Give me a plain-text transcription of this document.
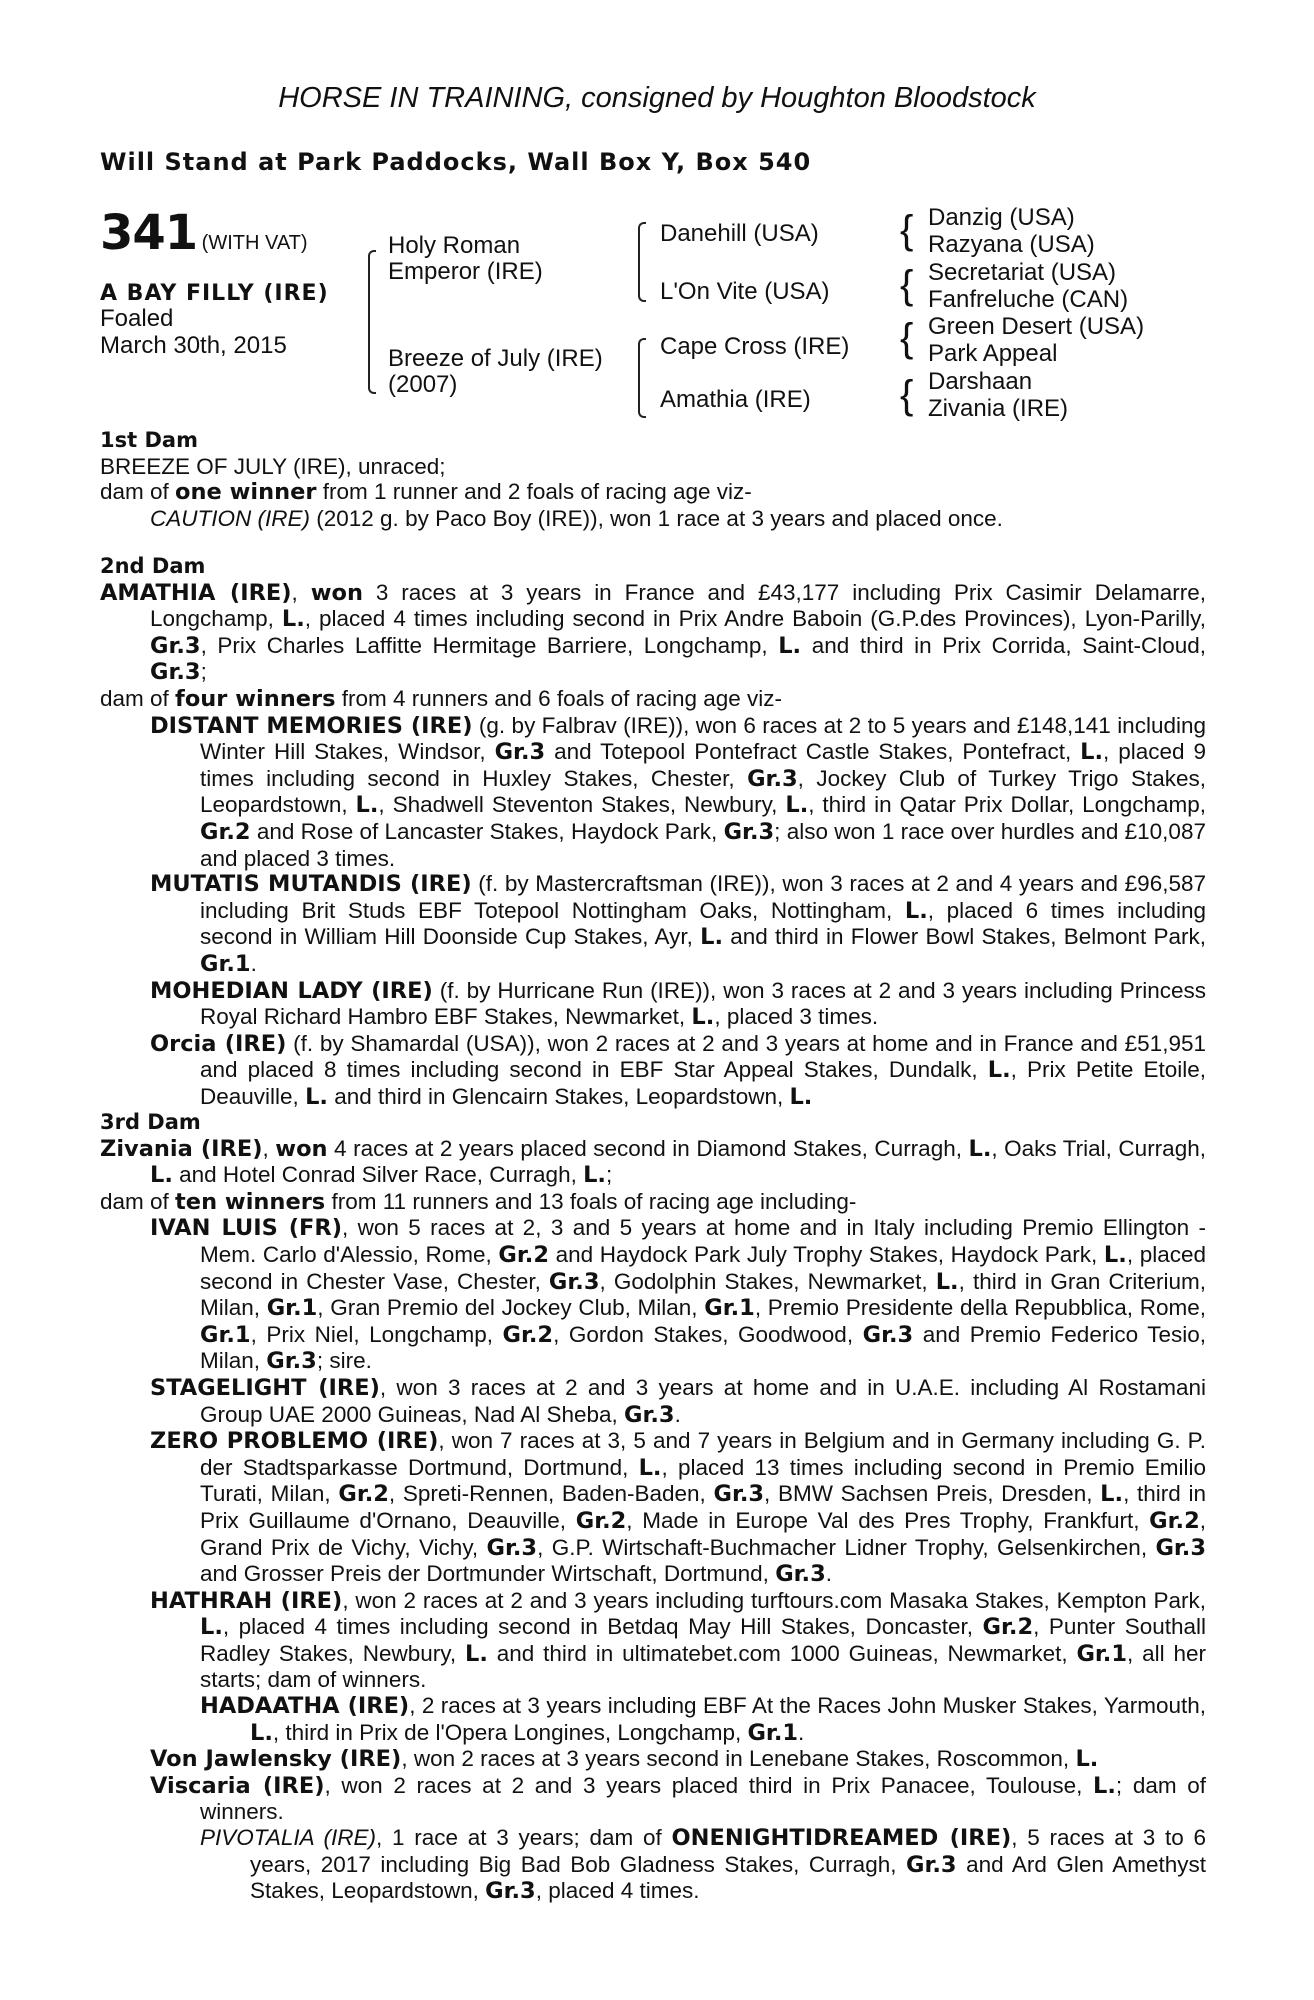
HORSE IN TRAINING, consigned by Houghton Bloodstock
Will Stand at Park Paddocks, Wall Box Y, Box 540
341 (WITH VAT)
A BAY FILLY (IRE)
Foaled
March 30th, 2015
Holy Roman Emperor (IRE)
Breeze of July (IRE) (2007)
Danehill (USA)
L'On Vite (USA)
Cape Cross (IRE)
Amathia (IRE)
{ Danzig (USA)
Razyana (USA)
{ Secretariat (USA)
Fanfreluche (CAN)
{ Green Desert (USA)
Park Appeal
{ Darshaan
Zivania (IRE)
1st Dam

BREEZE OF JULY (IRE), unraced;

dam of one winner from 1 runner and 2 foals of racing age viz-

CAUTION (IRE) (2012 g. by Paco Boy (IRE)), won 1 race at 3 years and placed once.

2nd Dam

AMATHIA (IRE), won 3 races at 3 years in France and £43,177 including Prix Casimir Delamarre, Longchamp, L., placed 4 times including second in Prix Andre Baboin (G.P.des Provinces), Lyon-Parilly, Gr.3, Prix Charles Laffitte Hermitage Barriere, Longchamp, L. and third in Prix Corrida, Saint-Cloud, Gr.3;

dam of four winners from 4 runners and 6 foals of racing age viz-

DISTANT MEMORIES (IRE) (g. by Falbrav (IRE)), won 6 races at 2 to 5 years and £148,141 including Winter Hill Stakes, Windsor, Gr.3 and Totepool Pontefract Castle Stakes, Pontefract, L., placed 9 times including second in Huxley Stakes, Chester, Gr.3, Jockey Club of Turkey Trigo Stakes, Leopardstown, L., Shadwell Steventon Stakes, Newbury, L., third in Qatar Prix Dollar, Longchamp, Gr.2 and Rose of Lancaster Stakes, Haydock Park, Gr.3; also won 1 race over hurdles and £10,087 and placed 3 times.

MUTATIS MUTANDIS (IRE) (f. by Mastercraftsman (IRE)), won 3 races at 2 and 4 years and £96,587 including Brit Studs EBF Totepool Nottingham Oaks, Nottingham, L., placed 6 times including second in William Hill Doonside Cup Stakes, Ayr, L. and third in Flower Bowl Stakes, Belmont Park, Gr.1.

MOHEDIAN LADY (IRE) (f. by Hurricane Run (IRE)), won 3 races at 2 and 3 years including Princess Royal Richard Hambro EBF Stakes, Newmarket, L., placed 3 times.

Orcia (IRE) (f. by Shamardal (USA)), won 2 races at 2 and 3 years at home and in France and £51,951 and placed 8 times including second in EBF Star Appeal Stakes, Dundalk, L., Prix Petite Etoile, Deauville, L. and third in Glencairn Stakes, Leopardstown, L.

3rd Dam

Zivania (IRE), won 4 races at 2 years placed second in Diamond Stakes, Curragh, L., Oaks Trial, Curragh, L. and Hotel Conrad Silver Race, Curragh, L.;

dam of ten winners from 11 runners and 13 foals of racing age including-

IVAN LUIS (FR), won 5 races at 2, 3 and 5 years at home and in Italy including Premio Ellington - Mem. Carlo d'Alessio, Rome, Gr.2 and Haydock Park July Trophy Stakes, Haydock Park, L., placed second in Chester Vase, Chester, Gr.3, Godolphin Stakes, Newmarket, L., third in Gran Criterium, Milan, Gr.1, Gran Premio del Jockey Club, Milan, Gr.1, Premio Presidente della Repubblica, Rome, Gr.1, Prix Niel, Longchamp, Gr.2, Gordon Stakes, Goodwood, Gr.3 and Premio Federico Tesio, Milan, Gr.3; sire.

STAGELIGHT (IRE), won 3 races at 2 and 3 years at home and in U.A.E. including Al Rostamani Group UAE 2000 Guineas, Nad Al Sheba, Gr.3.

ZERO PROBLEMO (IRE), won 7 races at 3, 5 and 7 years in Belgium and in Germany including G. P. der Stadtsparkasse Dortmund, Dortmund, L., placed 13 times including second in Premio Emilio Turati, Milan, Gr.2, Spreti-Rennen, Baden-Baden, Gr.3, BMW Sachsen Preis, Dresden, L., third in Prix Guillaume d'Ornano, Deauville, Gr.2, Made in Europe Val des Pres Trophy, Frankfurt, Gr.2, Grand Prix de Vichy, Vichy, Gr.3, G.P. Wirtschaft-Buchmacher Lidner Trophy, Gelsenkirchen, Gr.3 and Grosser Preis der Dortmunder Wirtschaft, Dortmund, Gr.3.

HATHRAH (IRE), won 2 races at 2 and 3 years including turftours.com Masaka Stakes, Kempton Park, L., placed 4 times including second in Betdaq May Hill Stakes, Doncaster, Gr.2, Punter Southall Radley Stakes, Newbury, L. and third in ultimatebet.com 1000 Guineas, Newmarket, Gr.1, all her starts; dam of winners.

HADAATHA (IRE), 2 races at 3 years including EBF At the Races John Musker Stakes, Yarmouth, L., third in Prix de l'Opera Longines, Longchamp, Gr.1.

Von Jawlensky (IRE), won 2 races at 3 years second in Lenebane Stakes, Roscommon, L.

Viscaria (IRE), won 2 races at 2 and 3 years placed third in Prix Panacee, Toulouse, L.; dam of winners.

PIVOTALIA (IRE), 1 race at 3 years; dam of ONENIGHTIDREAMED (IRE), 5 races at 3 to 6 years, 2017 including Big Bad Bob Gladness Stakes, Curragh, Gr.3 and Ard Glen Amethyst Stakes, Leopardstown, Gr.3, placed 4 times.
